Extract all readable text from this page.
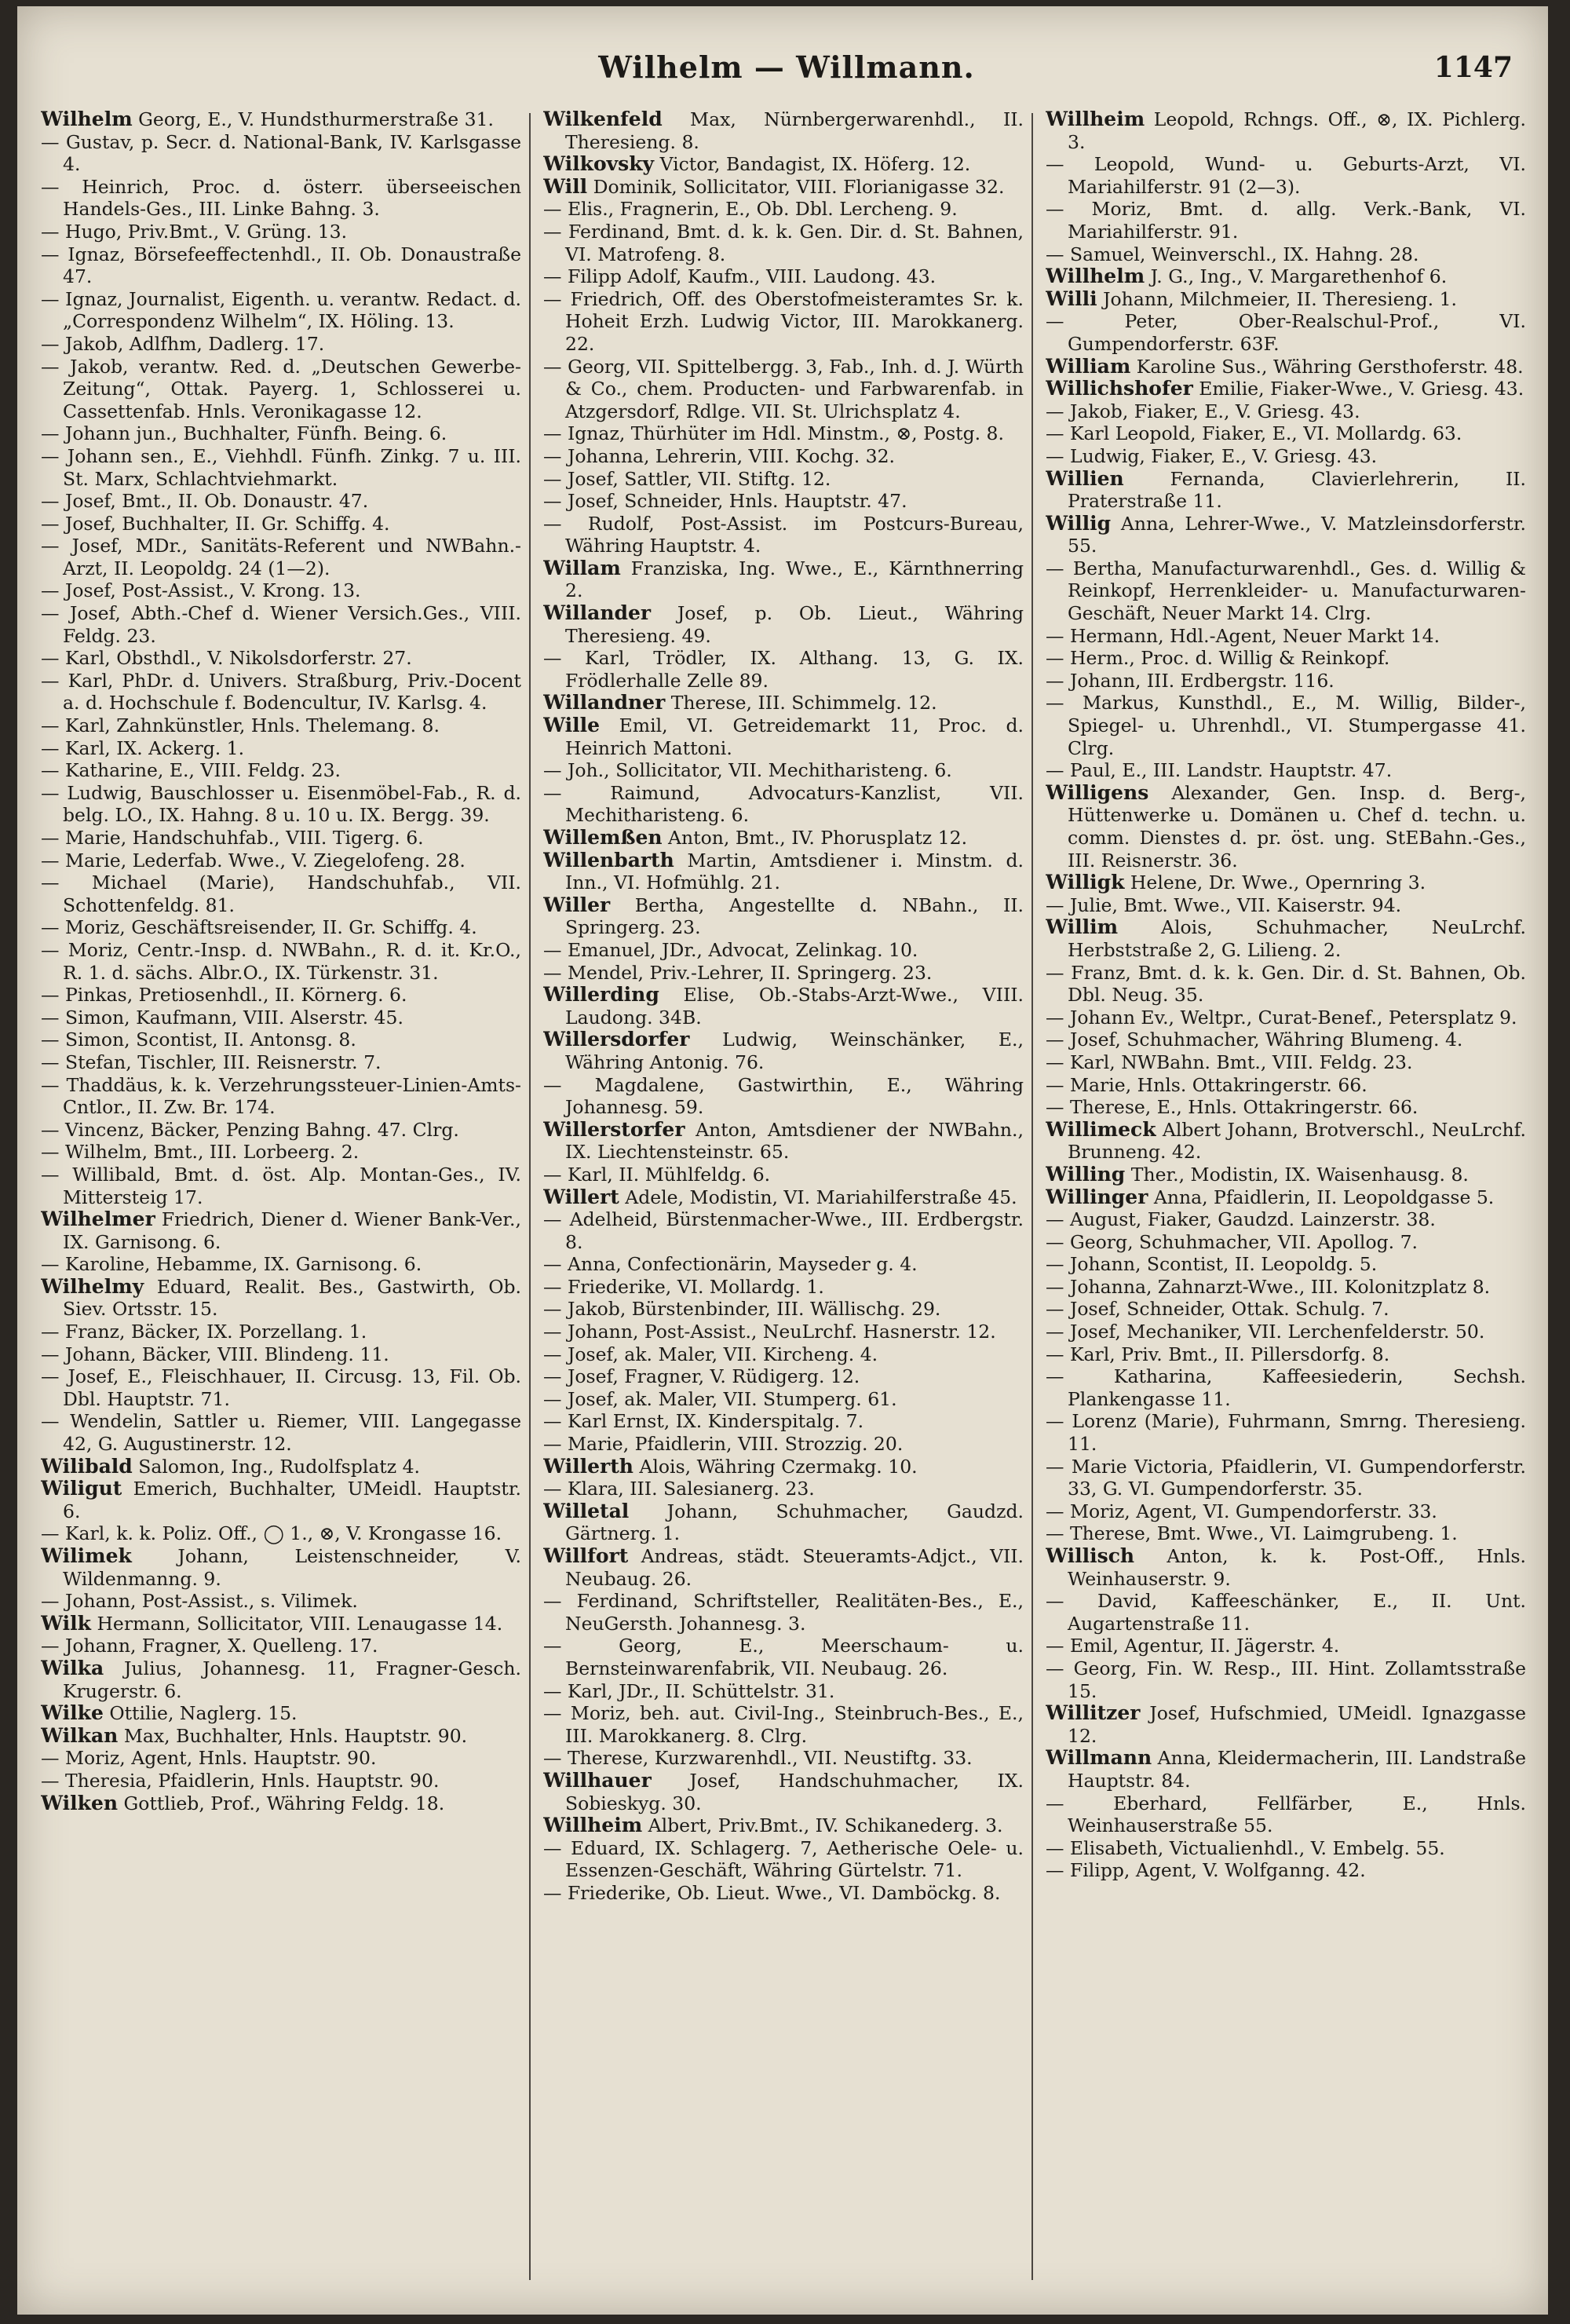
Wilhelm — Willmann.	1147
Wilhelm Georg, E., V. Hundsthurmerstraße 31.
— Gustav, p. Secr. d. National-Bank, IV. Karlsgasse 4.
— Heinrich, Proc. d. österr. überseeischen Handels-Ges., III. Linke Bahng. 3.
— Hugo, Priv.Bmt., V. Grüng. 13.
— Ignaz, Börsefeeffectenhdl., II. Ob. Donaustraße 47.
— Ignaz, Journalist, Eigenth. u. verantw. Redact. d. „Correspondenz Wilhelm“, IX. Höling. 13.
— Jakob, Adlfhm, Dadlerg. 17.
— Jakob, verantw. Red. d. „Deutschen Gewerbe-Zeitung“, Ottak. Payerg. 1, Schlosserei u. Cassettenfab. Hnls. Veronikagasse 12.
— Johann jun., Buchhalter, Fünfh. Being. 6.
— Johann sen., E., Viehhdl. Fünfh. Zinkg. 7 u. III. St. Marx, Schlachtviehmarkt.
— Josef, Bmt., II. Ob. Donaustr. 47.
— Josef, Buchhalter, II. Gr. Schiffg. 4.
— Josef, MDr., Sanitäts-Referent und NWBahn.-Arzt, II. Leopoldg. 24 (1—2).
— Josef, Post-Assist., V. Krong. 13.
— Josef, Abth.-Chef d. Wiener Versich.Ges., VIII. Feldg. 23.
— Karl, Obsthdl., V. Nikolsdorferstr. 27.
— Karl, PhDr. d. Univers. Straßburg, Priv.-Docent a. d. Hochschule f. Bodencultur, IV. Karlsg. 4.
— Karl, Zahnkünstler, Hnls. Thelemang. 8.
— Karl, IX. Ackerg. 1.
— Katharine, E., VIII. Feldg. 23.
— Ludwig, Bauschlosser u. Eisenmöbel-Fab., R. d. belg. LO., IX. Hahng. 8 u. 10 u. IX. Bergg. 39.
— Marie, Handschuhfab., VIII. Tigerg. 6.
— Marie, Lederfab. Wwe., V. Ziegelofeng. 28.
— Michael (Marie), Handschuhfab., VII. Schottenfeldg. 81.
— Moriz, Geschäftsreisender, II. Gr. Schiffg. 4.
— Moriz, Centr.-Insp. d. NWBahn., R. d. it. Kr.O., R. 1. d. sächs. Albr.O., IX. Türkenstr. 31.
— Pinkas, Pretiosenhdl., II. Körnerg. 6.
— Simon, Kaufmann, VIII. Alserstr. 45.
— Simon, Scontist, II. Antonsg. 8.
— Stefan, Tischler, III. Reisnerstr. 7.
— Thaddäus, k. k. Verzehrungssteuer-Linien-Amts-Cntlor., II. Zw. Br. 174.
— Vincenz, Bäcker, Penzing Bahng. 47. Clrg.
— Wilhelm, Bmt., III. Lorbeerg. 2.
— Willibald, Bmt. d. öst. Alp. Montan-Ges., IV. Mittersteig 17.
Wilhelmer Friedrich, Diener d. Wiener Bank-Ver., IX. Garnisong. 6.
— Karoline, Hebamme, IX. Garnisong. 6.
Wilhelmy Eduard, Realit. Bes., Gastwirth, Ob. Siev. Ortsstr. 15.
— Franz, Bäcker, IX. Porzellang. 1.
— Johann, Bäcker, VIII. Blindeng. 11.
— Josef, E., Fleischhauer, II. Circusg. 13, Fil. Ob. Dbl. Hauptstr. 71.
— Wendelin, Sattler u. Riemer, VIII. Langegasse 42, G. Augustinerstr. 12.
Wilibald Salomon, Ing., Rudolfsplatz 4.
Wiligut Emerich, Buchhalter, UMeidl. Hauptstr. 6.
— Karl, k. k. Poliz. Off., ◯ 1., ⊗, V. Krongasse 16.
Wilimek Johann, Leistenschneider, V. Wildenmanng. 9.
— Johann, Post-Assist., s. Vilimek.
Wilk Hermann, Sollicitator, VIII. Lenaugasse 14.
— Johann, Fragner, X. Quelleng. 17.
Wilka Julius, Johannesg. 11, Fragner-Gesch. Krugerstr. 6.
Wilke Ottilie, Naglerg. 15.
Wilkan Max, Buchhalter, Hnls. Hauptstr. 90.
— Moriz, Agent, Hnls. Hauptstr. 90.
— Theresia, Pfaidlerin, Hnls. Hauptstr. 90.
Wilken Gottlieb, Prof., Währing Feldg. 18.
Wilkenfeld Max, Nürnbergerwarenhdl., II. Theresieng. 8.
Wilkovsky Victor, Bandagist, IX. Höferg. 12.
Will Dominik, Sollicitator, VIII. Florianigasse 32.
— Elis., Fragnerin, E., Ob. Dbl. Lercheng. 9.
— Ferdinand, Bmt. d. k. k. Gen. Dir. d. St. Bahnen, VI. Matrofeng. 8.
— Filipp Adolf, Kaufm., VIII. Laudong. 43.
— Friedrich, Off. des Oberstofmeisteramtes Sr. k. Hoheit Erzh. Ludwig Victor, III. Marokkanerg. 22.
— Georg, VII. Spittelbergg. 3, Fab., Inh. d. J. Würth & Co., chem. Producten- und Farbwarenfab. in Atzgersdorf, Rdlge. VII. St. Ulrichsplatz 4.
— Ignaz, Thürhüter im Hdl. Minstm., ⊗, Postg. 8.
— Johanna, Lehrerin, VIII. Kochg. 32.
— Josef, Sattler, VII. Stiftg. 12.
— Josef, Schneider, Hnls. Hauptstr. 47.
— Rudolf, Post-Assist. im Postcurs-Bureau, Währing Hauptstr. 4.
Willam Franziska, Ing. Wwe., E., Kärnthnerring 2.
Willander Josef, p. Ob. Lieut., Währing Theresieng. 49.
— Karl, Trödler, IX. Althang. 13, G. IX. Frödlerhalle Zelle 89.
Willandner Therese, III. Schimmelg. 12.
Wille Emil, VI. Getreidemarkt 11, Proc. d. Heinrich Mattoni.
— Joh., Sollicitator, VII. Mechitharisteng. 6.
— Raimund, Advocaturs-Kanzlist, VII. Mechitharisteng. 6.
Willemßen Anton, Bmt., IV. Phorusplatz 12.
Willenbarth Martin, Amtsdiener i. Minstm. d. Inn., VI. Hofmühlg. 21.
Willer Bertha, Angestellte d. NBahn., II. Springerg. 23.
— Emanuel, JDr., Advocat, Zelinkag. 10.
— Mendel, Priv.-Lehrer, II. Springerg. 23.
Willerding Elise, Ob.-Stabs-Arzt-Wwe., VIII. Laudong. 34B.
Willersdorfer Ludwig, Weinschänker, E., Währing Antonig. 76.
— Magdalene, Gastwirthin, E., Währing Johannesg. 59.
Willerstorfer Anton, Amtsdiener der NWBahn., IX. Liechtensteinstr. 65.
— Karl, II. Mühlfeldg. 6.
Willert Adele, Modistin, VI. Mariahilferstraße 45.
— Adelheid, Bürstenmacher-Wwe., III. Erdbergstr. 8.
— Anna, Confectionärin, Mayseder g. 4.
— Friederike, VI. Mollardg. 1.
— Jakob, Bürstenbinder, III. Wällischg. 29.
— Johann, Post-Assist., NeuLrchf. Hasnerstr. 12.
— Josef, ak. Maler, VII. Kircheng. 4.
— Josef, Fragner, V. Rüdigerg. 12.
— Josef, ak. Maler, VII. Stumperg. 61.
— Karl Ernst, IX. Kinderspitalg. 7.
— Marie, Pfaidlerin, VIII. Strozzig. 20.
Willerth Alois, Währing Czermakg. 10.
— Klara, III. Salesianerg. 23.
Willetal Johann, Schuhmacher, Gaudzd. Gärtnerg. 1.
Willfort Andreas, städt. Steueramts-Adjct., VII. Neubaug. 26.
— Ferdinand, Schriftsteller, Realitäten-Bes., E., NeuGersth. Johannesg. 3.
— Georg, E., Meerschaum- u. Bernsteinwarenfabrik, VII. Neubaug. 26.
— Karl, JDr., II. Schüttelstr. 31.
— Moriz, beh. aut. Civil-Ing., Steinbruch-Bes., E., III. Marokkanerg. 8. Clrg.
— Therese, Kurzwarenhdl., VII. Neustiftg. 33.
Willhauer Josef, Handschuhmacher, IX. Sobieskyg. 30.
Willheim Albert, Priv.Bmt., IV. Schikanederg. 3.
— Eduard, IX. Schlagerg. 7, Aetherische Oele- u. Essenzen-Geschäft, Währing Gürtelstr. 71.
— Friederike, Ob. Lieut. Wwe., VI. Damböckg. 8.
Willheim Leopold, Rchngs. Off., ⊗, IX. Pichlerg. 3.
— Leopold, Wund- u. Geburts-Arzt, VI. Mariahilferstr. 91 (2—3).
— Moriz, Bmt. d. allg. Verk.-Bank, VI. Mariahilferstr. 91.
— Samuel, Weinverschl., IX. Hahng. 28.
Willhelm J. G., Ing., V. Margarethenhof 6.
Willi Johann, Milchmeier, II. Theresieng. 1.
— Peter, Ober-Realschul-Prof., VI. Gumpendorferstr. 63F.
William Karoline Sus., Währing Gersthoferstr. 48.
Willichshofer Emilie, Fiaker-Wwe., V. Griesg. 43.
— Jakob, Fiaker, E., V. Griesg. 43.
— Karl Leopold, Fiaker, E., VI. Mollardg. 63.
— Ludwig, Fiaker, E., V. Griesg. 43.
Willien	Fernanda, Clavierlehrerin, II. Praterstraße 11.
Willig Anna, Lehrer-Wwe., V. Matzleinsdorferstr. 55.
— Bertha, Manufacturwarenhdl., Ges. d. Willig & Reinkopf, Herrenkleider- u. Manufacturwaren-Geschäft, Neuer Markt 14. Clrg.
— Hermann, Hdl.-Agent, Neuer Markt 14.
— Herm., Proc. d. Willig & Reinkopf.
— Johann, III. Erdbergstr. 116.
— Markus, Kunsthdl., E., M. Willig, Bilder-, Spiegel- u. Uhrenhdl., VI. Stumpergasse 41. Clrg.
— Paul, E., III. Landstr. Hauptstr. 47.
Willigens Alexander, Gen. Insp. d. Berg-, Hüttenwerke u. Domänen u. Chef d. techn. u. comm. Dienstes d. pr. öst. ung. StEBahn.-Ges., III. Reisnerstr. 36.
Willigk Helene, Dr. Wwe., Opernring 3.
— Julie, Bmt. Wwe., VII. Kaiserstr. 94.
Willim Alois, Schuhmacher, NeuLrchf. Herbststraße 2, G. Lilieng. 2.
— Franz, Bmt. d. k. k. Gen. Dir. d. St. Bahnen, Ob. Dbl. Neug. 35.
— Johann Ev., Weltpr., Curat-Benef., Petersplatz 9.
— Josef, Schuhmacher, Währing Blumeng. 4.
— Karl, NWBahn. Bmt., VIII. Feldg. 23.
— Marie, Hnls. Ottakringerstr. 66.
— Therese, E., Hnls. Ottakringerstr. 66.
Willimeck Albert Johann, Brotverschl., NeuLrchf. Brunneng. 42.
Willing Ther., Modistin, IX. Waisenhausg. 8.
Willinger Anna, Pfaidlerin, II. Leopoldgasse 5.
— August, Fiaker, Gaudzd. Lainzerstr. 38.
— Georg, Schuhmacher, VII. Apollog. 7.
— Johann, Scontist, II. Leopoldg. 5.
— Johanna, Zahnarzt-Wwe., III. Kolonitzplatz 8.
— Josef, Schneider, Ottak. Schulg. 7.
— Josef, Mechaniker, VII. Lerchenfelderstr. 50.
— Karl, Priv. Bmt., II. Pillersdorfg. 8.
— Katharina, Kaffeesiederin, Sechsh. Plankengasse 11.
— Lorenz (Marie), Fuhrmann, Smrng. Theresieng. 11.
— Marie Victoria, Pfaidlerin, VI. Gumpendorferstr. 33, G. VI. Gumpendorferstr. 35.
— Moriz, Agent, VI. Gumpendorferstr. 33.
— Therese, Bmt. Wwe., VI. Laimgrubeng. 1.
Willisch Anton, k. k. Post-Off., Hnls. Weinhauserstr. 9.
— David, Kaffeeschänker, E., II. Unt. Augartenstraße 11.
— Emil, Agentur, II. Jägerstr. 4.
— Georg, Fin. W. Resp., III. Hint. Zollamtsstraße 15.
Willitzer Josef, Hufschmied, UMeidl. Ignazgasse 12.
Willmann Anna, Kleidermacherin, III. Landstraße Hauptstr. 84.
— Eberhard, Fellfärber, E., Hnls. Weinhauserstraße 55.
— Elisabeth, Victualienhdl., V. Embelg. 55.
— Filipp, Agent, V. Wolfganng. 42.
